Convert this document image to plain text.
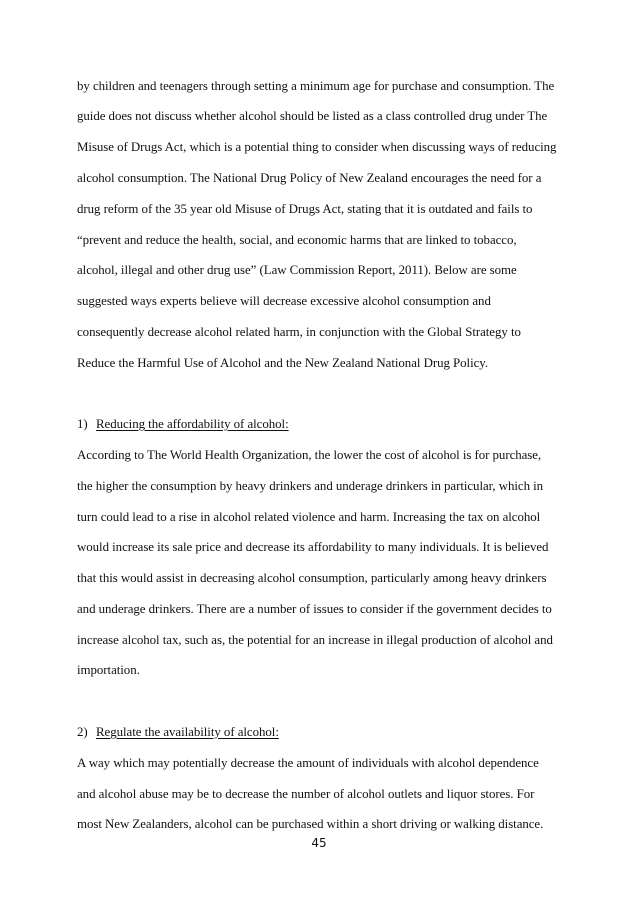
by children and teenagers through setting a minimum age for purchase and consumption. The
guide does not discuss whether alcohol should be listed as a class controlled drug under The
Misuse of Drugs Act, which is a potential thing to consider when discussing ways of reducing
alcohol consumption. The National Drug Policy of New Zealand encourages the need for a
drug reform of the 35 year old Misuse of Drugs Act, stating that it is outdated and fails to
“prevent and reduce the health, social, and economic harms that are linked to tobacco,
alcohol, illegal and other drug use” (Law Commission Report, 2011). Below are some
suggested ways experts believe will decrease excessive alcohol consumption and
consequently decrease alcohol related harm, in conjunction with the Global Strategy to
Reduce the Harmful Use of Alcohol and the New Zealand National Drug Policy.
1) Reducing the affordability of alcohol:
According to The World Health Organization, the lower the cost of alcohol is for purchase,
the higher the consumption by heavy drinkers and underage drinkers in particular, which in
turn could lead to a rise in alcohol related violence and harm. Increasing the tax on alcohol
would increase its sale price and decrease its affordability to many individuals. It is believed
that this would assist in decreasing alcohol consumption, particularly among heavy drinkers
and underage drinkers. There are a number of issues to consider if the government decides to
increase alcohol tax, such as, the potential for an increase in illegal production of alcohol and
importation.
2) Regulate the availability of alcohol:
A way which may potentially decrease the amount of individuals with alcohol dependence
and alcohol abuse may be to decrease the number of alcohol outlets and liquor stores. For
most New Zealanders, alcohol can be purchased within a short driving or walking distance.
45
